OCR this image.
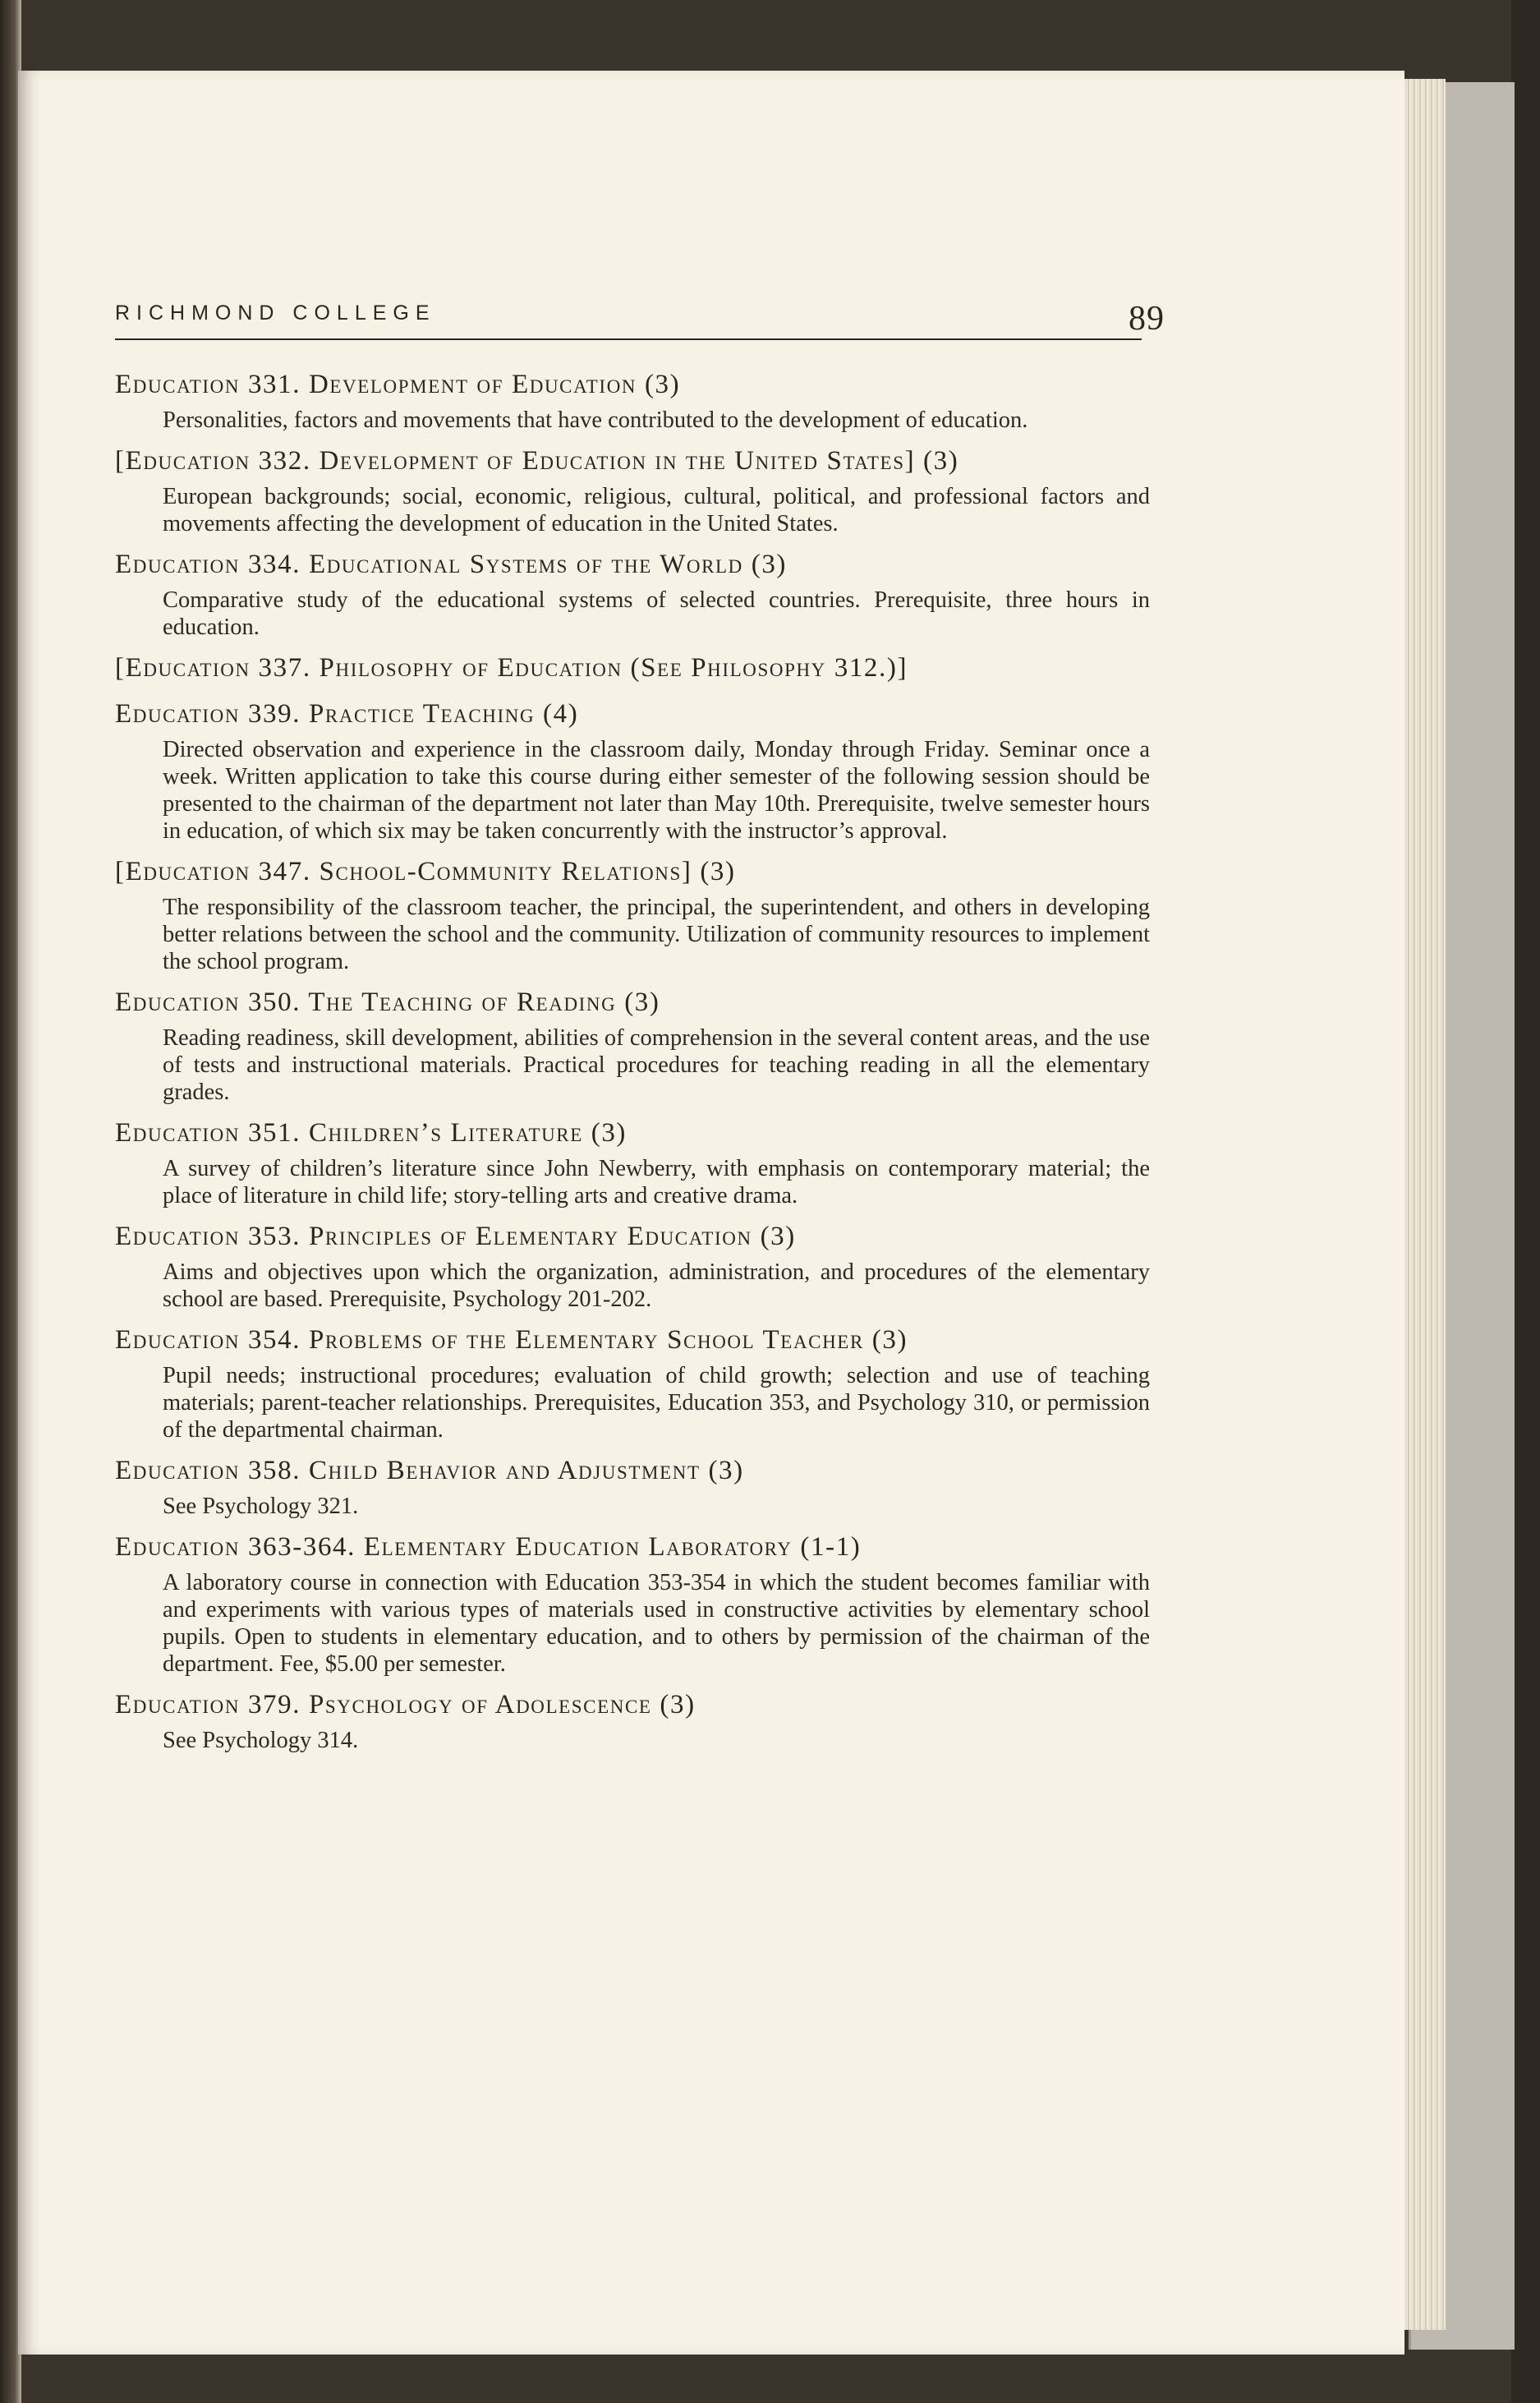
RICHMOND COLLEGE	89
Education 331. Development of Education (3)
Personalities, factors and movements that have contributed to the development of education.
[Education 332. Development of Education in the United States] (3)
European backgrounds; social, economic, religious, cultural, political, and professional factors and movements affecting the development of education in the United States.
Education 334. Educational Systems of the World (3)
Comparative study of the educational systems of selected countries. Prerequisite, three hours in education.
[Education 337. Philosophy of Education (See Philosophy 312.)]
Education 339. Practice Teaching (4)
Directed observation and experience in the classroom daily, Monday through Friday. Seminar once a week. Written application to take this course during either semester of the following session should be presented to the chairman of the department not later than May 10th. Prerequisite, twelve semester hours in education, of which six may be taken concurrently with the instructor’s approval.
[Education 347. School-Community Relations] (3)
The responsibility of the classroom teacher, the principal, the superintendent, and others in developing better relations between the school and the community. Utilization of community resources to implement the school program.
Education 350. The Teaching of Reading (3)
Reading readiness, skill development, abilities of comprehension in the several content areas, and the use of tests and instructional materials. Practical procedures for teaching reading in all the elementary grades.
Education 351. Children’s Literature (3)
A survey of children’s literature since John Newberry, with emphasis on contemporary material; the place of literature in child life; story-telling arts and creative drama.
Education 353. Principles of Elementary Education (3)
Aims and objectives upon which the organization, administration, and procedures of the elementary school are based. Prerequisite, Psychology 201-202.
Education 354. Problems of the Elementary School Teacher (3)
Pupil needs; instructional procedures; evaluation of child growth; selection and use of teaching materials; parent-teacher relationships. Prerequisites, Education 353, and Psychology 310, or permission of the departmental chairman.
Education 358. Child Behavior and Adjustment (3)
See Psychology 321.
Education 363-364. Elementary Education Laboratory (1-1)
A laboratory course in connection with Education 353-354 in which the student becomes familiar with and experiments with various types of materials used in constructive activities by elementary school pupils. Open to students in elementary education, and to others by permission of the chairman of the department. Fee, $5.00 per semester.
Education 379. Psychology of Adolescence (3)
See Psychology 314.
